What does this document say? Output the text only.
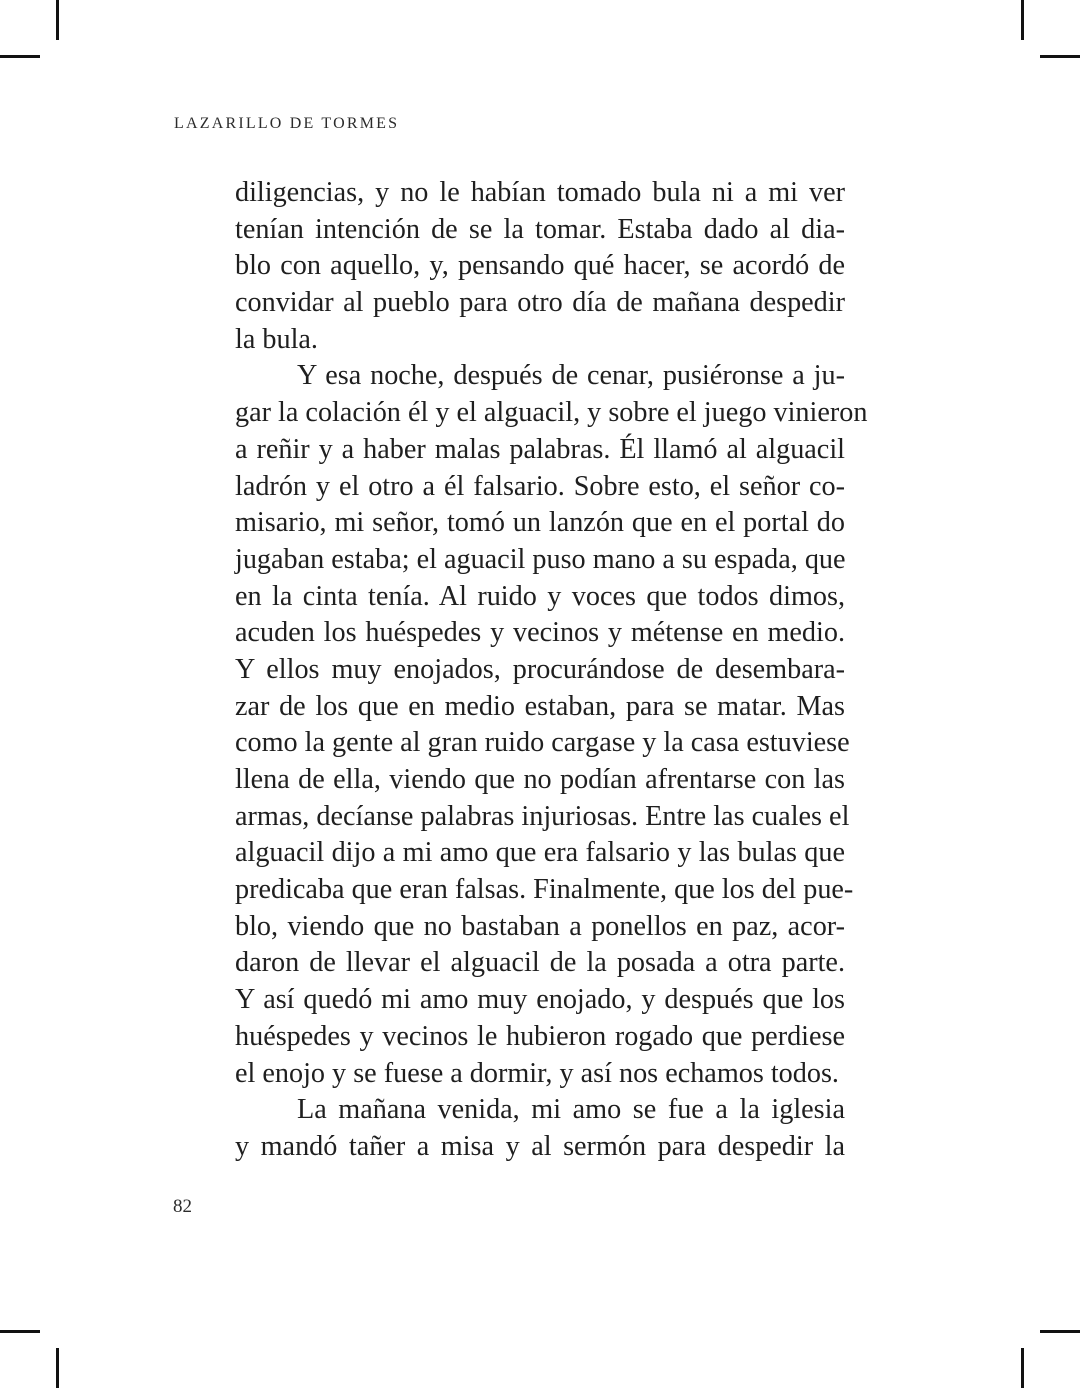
LAZARILLO DE TORMES
diligencias, y no le habían tomado bula ni a mi ver
tenían intención de se la tomar. Estaba dado al dia-
blo con aquello, y, pensando qué hacer, se acordó de
convidar al pueblo para otro día de mañana despedir
la bula.
Y esa noche, después de cenar, pusiéronse a ju-
gar la colación él y el alguacil, y sobre el juego vinieron
a reñir y a haber malas palabras. Él llamó al alguacil
ladrón y el otro a él falsario. Sobre esto, el señor co-
misario, mi señor, tomó un lanzón que en el portal do
jugaban estaba; el aguacil puso mano a su espada, que
en la cinta tenía. Al ruido y voces que todos dimos,
acuden los huéspedes y vecinos y métense en medio.
Y ellos muy enojados, procurándose de desembara-
zar de los que en medio estaban, para se matar. Mas
como la gente al gran ruido cargase y la casa estuviese
llena de ella, viendo que no podían afrentarse con las
armas, decíanse palabras injuriosas. Entre las cuales el
alguacil dijo a mi amo que era falsario y las bulas que
predicaba que eran falsas. Finalmente, que los del pue-
blo, viendo que no bastaban a ponellos en paz, acor-
daron de llevar el alguacil de la posada a otra parte.
Y así quedó mi amo muy enojado, y después que los
huéspedes y vecinos le hubieron rogado que perdiese
el enojo y se fuese a dormir, y así nos echamos todos.
La mañana venida, mi amo se fue a la iglesia
y mandó tañer a misa y al sermón para despedir la
82
